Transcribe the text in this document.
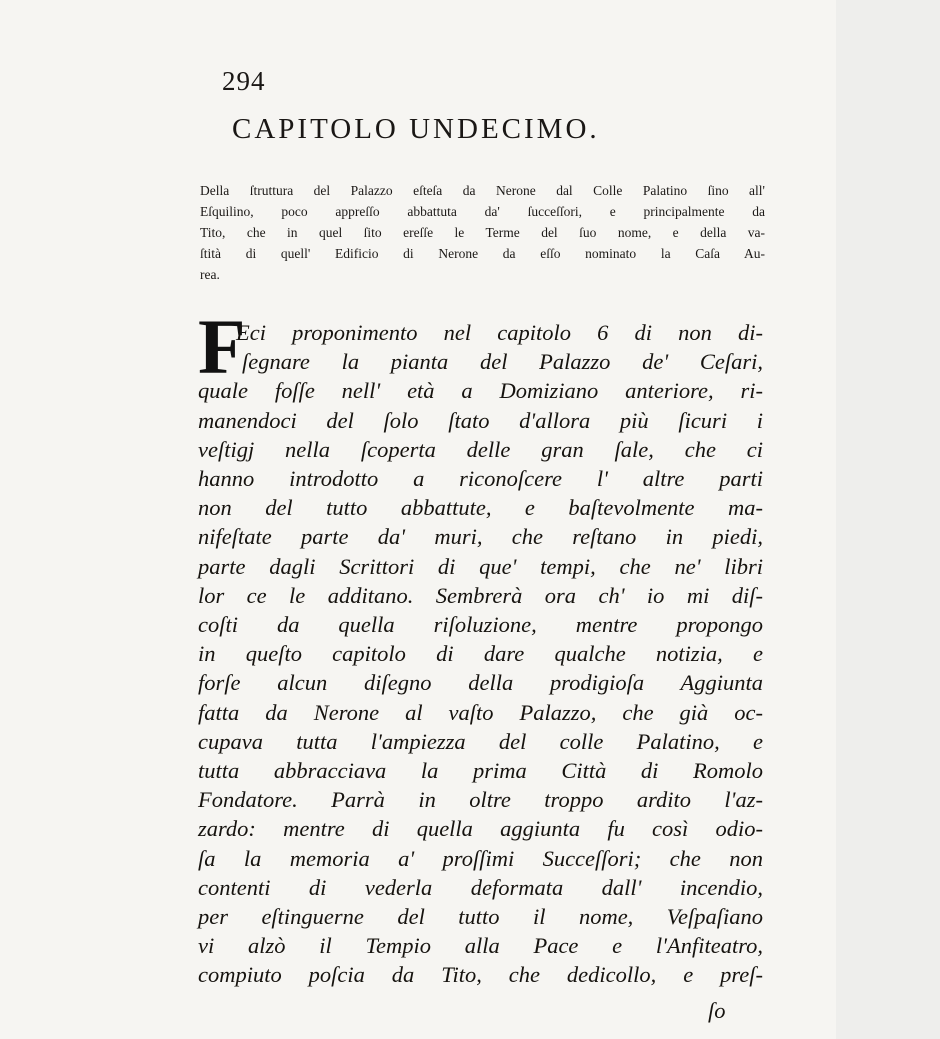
294
CAPITOLO UNDECIMO.
Della ſtruttura del Palazzo eſteſa da Nerone dal Colle Palatino ſino all'
Eſquilino, poco appreſſo abbattuta da' ſucceſſori, e principalmente da
Tito, che in quel ſito ereſſe le Terme del ſuo nome, e della va-
ſtità di quell' Edificio di Nerone da eſſo nominato la Caſa Au-
rea.
F
Eci proponimento nel capitolo 6 di non di-
ſegnare la pianta del Palazzo de' Ceſari,
quale foſſe nell' età a Domiziano anteriore, ri-
manendoci del ſolo ſtato d'allora più ſicuri i
veſtigj nella ſcoperta delle gran ſale, che ci
hanno introdotto a riconoſcere l' altre parti
non del tutto abbattute, e baſtevolmente ma-
nifeſtate parte da' muri, che reſtano in piedi,
parte dagli Scrittori di que' tempi, che ne' libri
lor ce le additano. Sembrerà ora ch' io mi diſ-
coſti da quella riſoluzione, mentre propongo
in queſto capitolo di dare qualche notizia, e
forſe alcun diſegno della prodigioſa Aggiunta
fatta da Nerone al vaſto Palazzo, che già oc-
cupava tutta l'ampiezza del colle Palatino, e
tutta abbracciava la prima Città di Romolo
Fondatore. Parrà in oltre troppo ardito l'az-
zardo: mentre di quella aggiunta fu così odio-
ſa la memoria a' proſſimi Succeſſori; che non
contenti di vederla deformata dall' incendio,
per eſtinguerne del tutto il nome, Veſpaſiano
vi alzò il Tempio alla Pace e l'Anfiteatro,
compiuto poſcia da Tito, che dedicollo, e preſ-
ſo
